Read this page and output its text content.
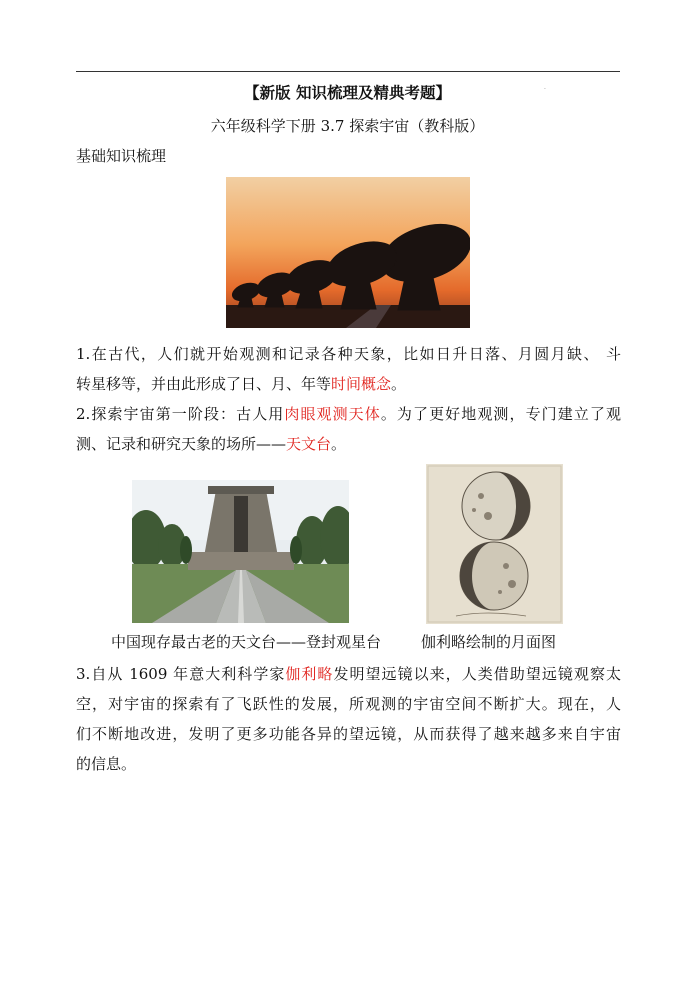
·
【新版 知识梳理及精典考题】
六年级科学下册 3.7 探索宇宙（教科版）
基础知识梳理

1.在古代，人们就开始观测和记录各种天象，比如日升日落、月圆月缺、 斗
转星移等，并由此形成了日、月、年等时间概念。

2.探索宇宙第一阶段：古人用肉眼观测天体。为了更好地观测，专门建立了观
测、记录和研究天象的场所——天文台。

中国现存最古老的天文台——登封观星台	伽利略绘制的月面图

3.自从 1609 年意大利科学家伽利略发明望远镜以来，人类借助望远镜观察太
空，对宇宙的探索有了飞跃性的发展，所观测的宇宙空间不断扩大。现在，人
们不断地改进，发明了更多功能各异的望远镜，从而获得了越来越多来自宇宙
的信息。
